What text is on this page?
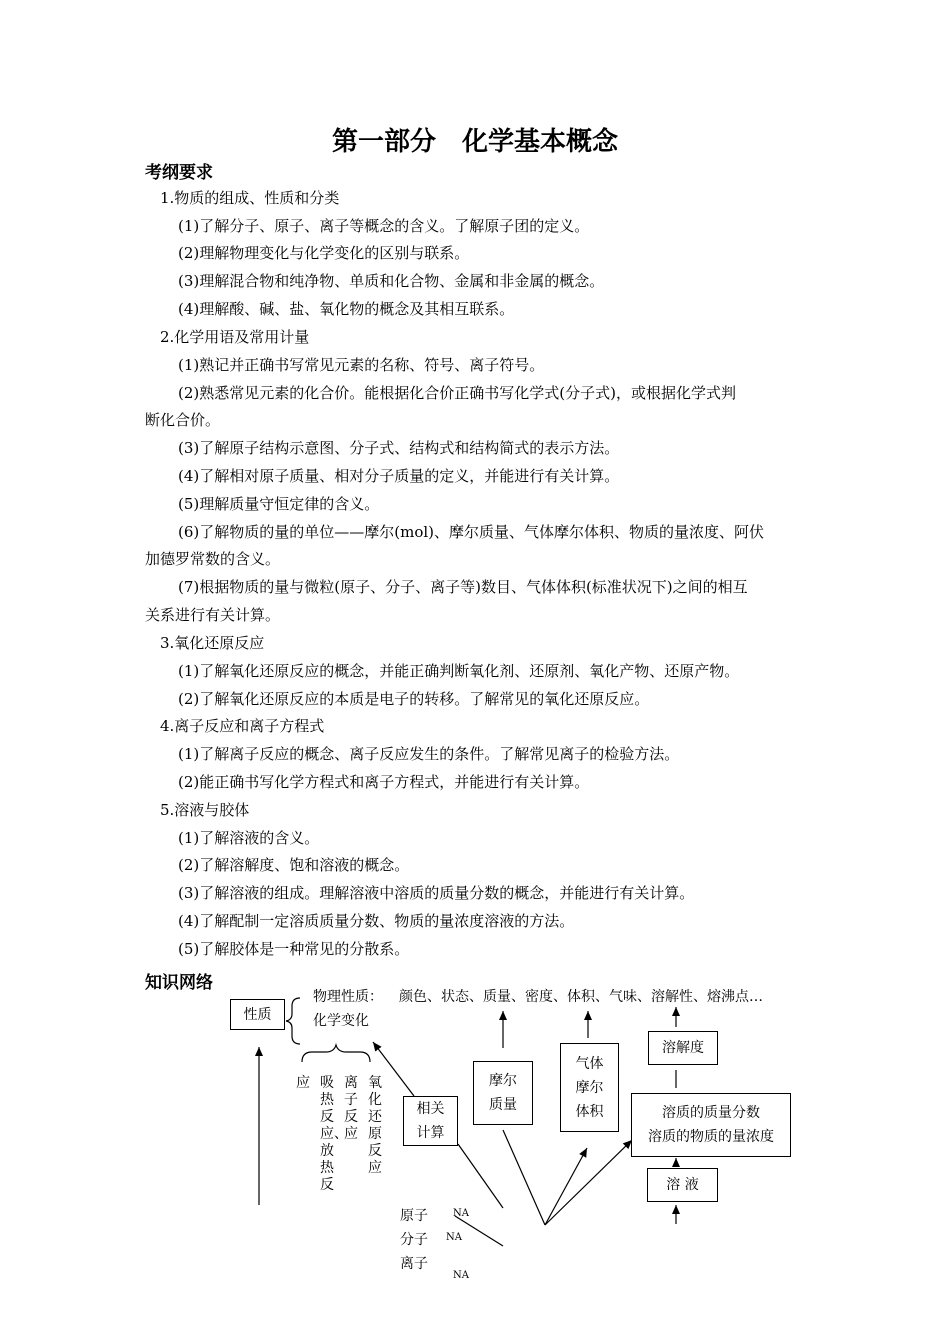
第一部分　化学基本概念
考纲要求
1.物质的组成、性质和分类
(1)了解分子、原子、离子等概念的含义。了解原子团的定义。
(2)理解物理变化与化学变化的区别与联系。
(3)理解混合物和纯净物、单质和化合物、金属和非金属的概念。
(4)理解酸、碱、盐、氧化物的概念及其相互联系。
2.化学用语及常用计量
(1)熟记并正确书写常见元素的名称、符号、离子符号。
(2)熟悉常见元素的化合价。能根据化合价正确书写化学式(分子式)，或根据化学式判
断化合价。
(3)了解原子结构示意图、分子式、结构式和结构简式的表示方法。
(4)了解相对原子质量、相对分子质量的定义，并能进行有关计算。
(5)理解质量守恒定律的含义。
(6)了解物质的量的单位——摩尔(mol)、摩尔质量、气体摩尔体积、物质的量浓度、阿伏
加德罗常数的含义。
(7)根据物质的量与微粒(原子、分子、离子等)数目、气体体积(标准状况下)之间的相互
关系进行有关计算。
3.氧化还原反应
(1)了解氧化还原反应的概念，并能正确判断氧化剂、还原剂、氧化产物、还原产物。
(2)了解氧化还原反应的本质是电子的转移。了解常见的氧化还原反应。
4.离子反应和离子方程式
(1)了解离子反应的概念、离子反应发生的条件。了解常见离子的检验方法。
(2)能正确书写化学方程式和离子方程式，并能进行有关计算。
5.溶液与胶体
(1)了解溶液的含义。
(2)了解溶解度、饱和溶液的概念。
(3)了解溶液的组成。理解溶液中溶质的质量分数的概念，并能进行有关计算。
(4)了解配制一定溶质质量分数、物质的量浓度溶液的方法。
(5)了解胶体是一种常见的分散系。
知识网络
性质
物理性质： 颜色、状态、质量、密度、体积、气味、溶解性、熔沸点…
化学变化
应 吸热反应、放热反
离子反应
氧化还原反应
相关
计算
摩尔
质量
气体
摩尔
体积
溶解度
溶质的质量分数
溶质的物质的量浓度
溶 液
原子
分子
离子
NA
NA
NA
